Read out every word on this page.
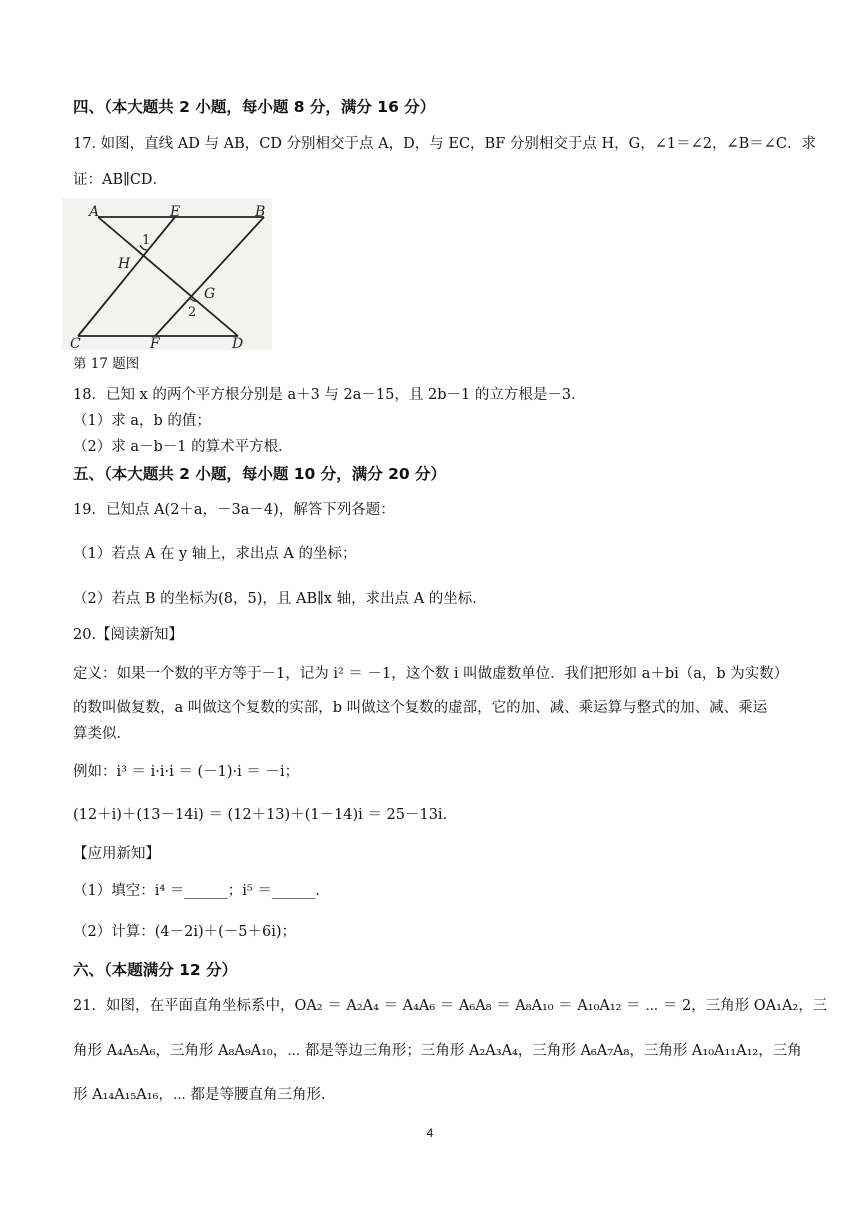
四、（本大题共 2 小题，每小题 8 分，满分 16 分）
17. 如图，直线 AD 与 AB，CD 分别相交于点 A，D，与 EC，BF 分别相交于点 H，G，∠1＝∠2，∠B＝∠C．求
证：AB∥CD．
A	E	B
1
H
G
2
C	F	D
第 17 题图
18．已知 x 的两个平方根分别是 a＋3 与 2a－15，且 2b－1 的立方根是－3．
（1）求 a，b 的值；
（2）求 a－b－1 的算术平方根．
五、（本大题共 2 小题，每小题 10 分，满分 20 分）
19．已知点 A(2＋a，－3a－4)，解答下列各题：
（1）若点 A 在 y 轴上，求出点 A 的坐标；
（2）若点 B 的坐标为(8，5)，且 AB∥x 轴，求出点 A 的坐标．
20.【阅读新知】
定义：如果一个数的平方等于－1，记为 i² ＝ －1，这个数 i 叫做虚数单位．我们把形如 a＋bi（a，b 为实数）
的数叫做复数，a 叫做这个复数的实部，b 叫做这个复数的虚部，它的加、减、乘运算与整式的加、减、乘运
算类似．
例如：i³ ＝ i·i·i ＝ (－1)·i ＝ －i；
(12＋i)＋(13－14i) ＝ (12＋13)＋(1－14)i ＝ 25－13i．
【应用新知】
（1）填空：i⁴ ＝______；i⁵ ＝______．
（2）计算：(4－2i)＋(－5＋6i)；
六、（本题满分 12 分）
21．如图，在平面直角坐标系中，OA₂ ＝ A₂A₄ ＝ A₄A₆ ＝ A₆A₈ ＝ A₈A₁₀ ＝ A₁₀A₁₂ ＝ ⋯ ＝ 2，三角形 OA₁A₂，三
角形 A₄A₅A₆，三角形 A₈A₉A₁₀，⋯ 都是等边三角形；三角形 A₂A₃A₄，三角形 A₆A₇A₈，三角形 A₁₀A₁₁A₁₂，三角
形 A₁₄A₁₅A₁₆，⋯ 都是等腰直角三角形．
4
